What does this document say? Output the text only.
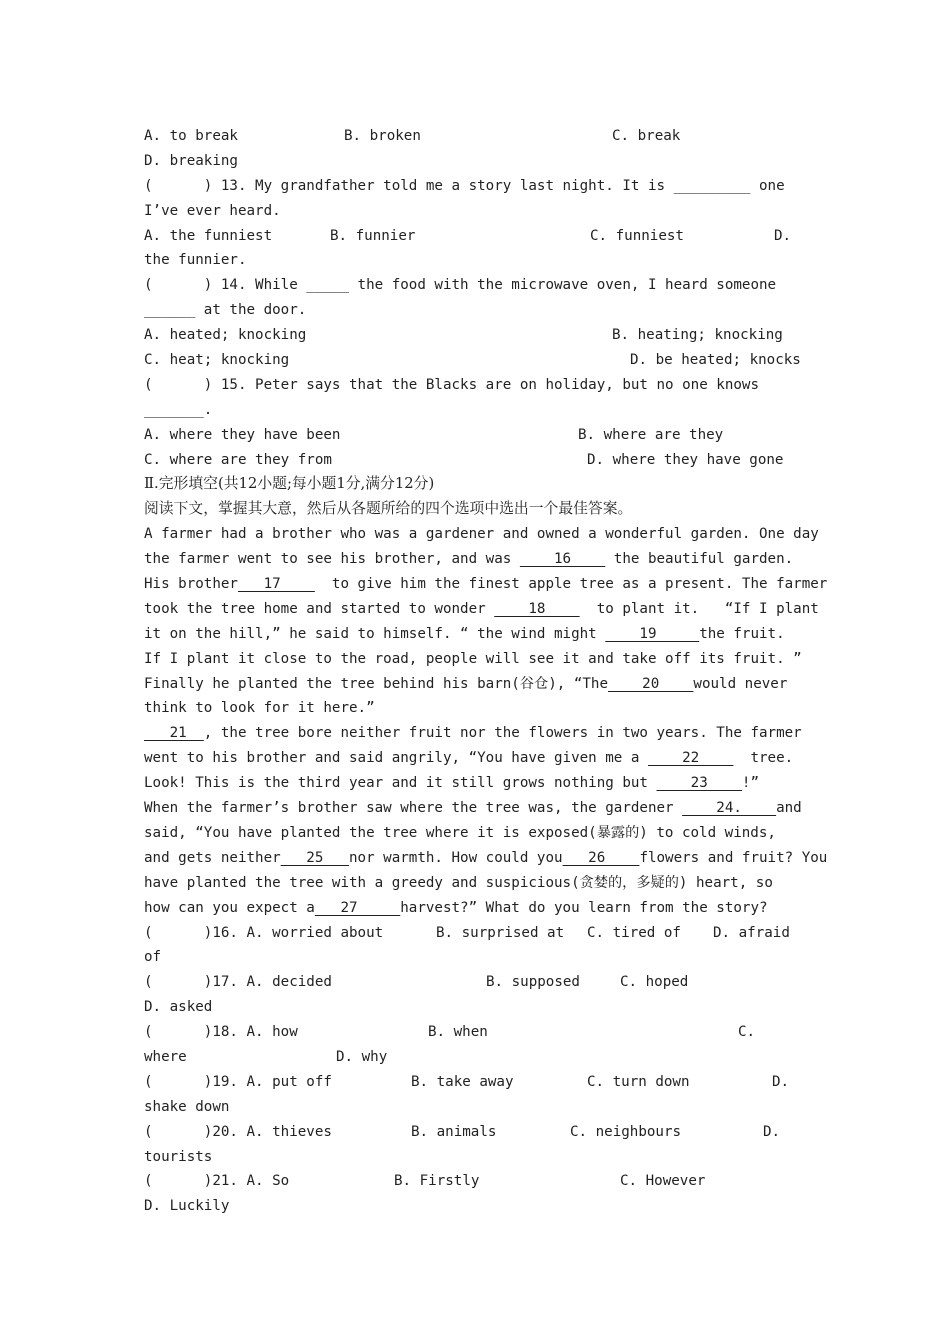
A. to break	B. broken	C. break
D. breaking
(      ) 13. My grandfather told me a story last night. It is _________ one
I’ve ever heard.
A. the funniest	B. funnier	C. funniest	D.
the funnier.
(      ) 14. While _____ the food with the microwave oven, I heard someone
______ at the door.
A. heated; knocking	B. heating; knocking
C. heat; knocking	D. be heated; knocks
(      ) 15. Peter says that the Blacks are on holiday, but no one knows
_______.
A. where they have been	B. where are they
C. where are they from	D. where they have gone
Ⅱ.完形填空(共12小题;每小题1分,满分12分)
阅读下文，掌握其大意，然后从各题所给的四个选项中选出一个最佳答案。
A farmer had a brother who was a gardener and owned a wonderful garden. One day
the farmer went to see his brother, and was     16     the beautiful garden.
His brother   17      to give him the finest apple tree as a present. The farmer
took the tree home and started to wonder     18      to plant it.   “If I plant
it on the hill,” he said to himself. “ the wind might     19     the fruit.
If I plant it close to the road, people will see it and take off its fruit. ”
Finally he planted the tree behind his barn(谷仓), “The    20    would never
think to look for it here.”
21  , the tree bore neither fruit nor the flowers in two years. The farmer
went to his brother and said angrily, “You have given me a     22      tree.
Look! This is the third year and it still grows nothing but     23    !”
When the farmer’s brother saw where the tree was, the gardener     24.    and
said, “You have planted the tree where it is exposed(暴露的) to cold winds,
and gets neither   25   nor warmth. How could you   26    flowers and fruit? You
have planted the tree with a greedy and suspicious(贪婪的，多疑的) heart, so
how can you expect a   27     harvest?” What do you learn from the story?
(      )16. A. worried about	B. surprised at C. tired of D. afraid
of
(      )17. A. decided	B. supposed	C. hoped
D. asked
(      )18. A. how	B. when	C.
where	D. why
(      )19. A. put off	B. take away	C. turn down	D.
shake down
(      )20. A. thieves	B. animals	C. neighbours	D.
tourists
(      )21. A. So	B. Firstly	C. However
D. Luckily
